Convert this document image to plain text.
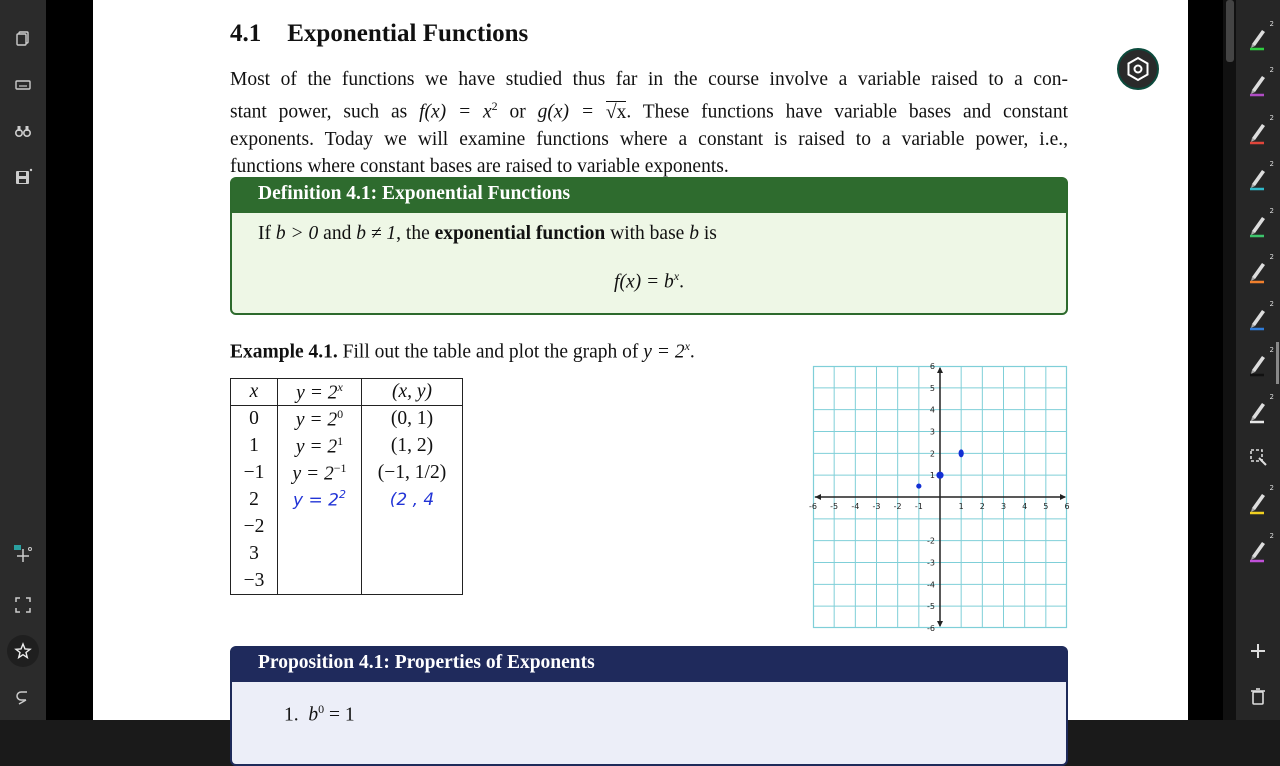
4.1 Exponential Functions

Most of the functions we have studied thus far in the course involve a variable raised to a con-

stant power, such as $f(x) = x^2$ or g(x) = √x. These functions have variable bases and constant

exponents. Today we will examine functions where a constant is raised to a variable power, i.e.,

functions where constant bases are raised to variable exponents.

Definition 4.1: Exponential Functions
If b > 0 and b ≠ 1, the exponential function with base b is
$f(x) = b^x$.
Example 4.1. Fill out the table and plot the graph of $y = 2^x$.
x	$y = 2^x$	(x, y)
0	$y = 2^0$	(0, 1)
1	$y = 2^1$	(1, 2)
−1	$y = 2^{-1}$	(−1, 1/2)
2	$y = 2^2$	(2 , 4
−2		
3		
−3		
-6 -5 -4 -3 -2 -1	1 2 3 4 5 6
6
5
4
3
2
1
-2
-3
-4
-5
-6
Proposition 4.1: Properties of Exponents
1. $b^0 = 1$
2
2
2
2
2
2
2
2
2
2
2
